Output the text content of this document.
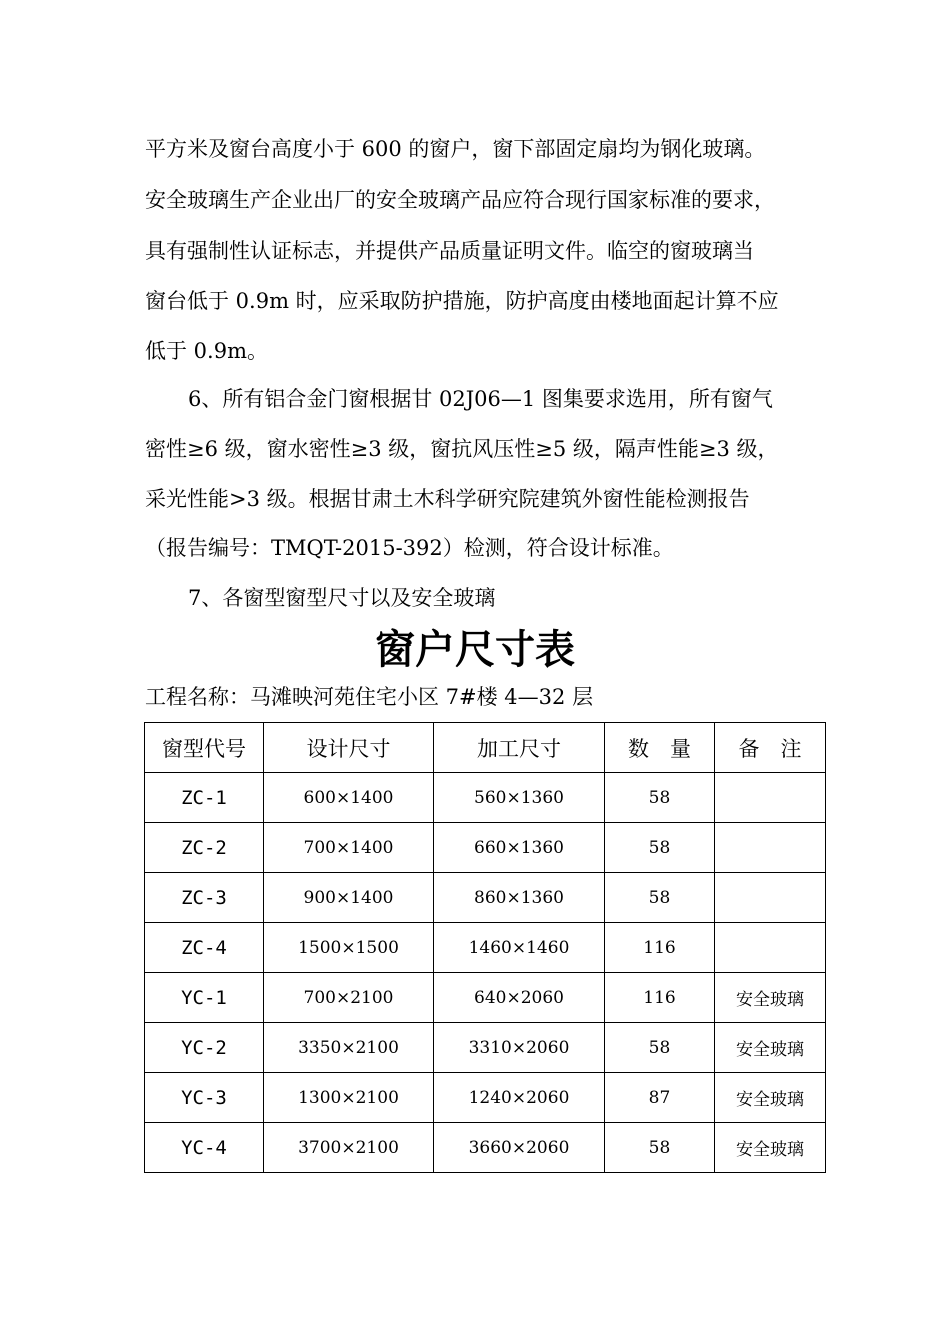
平方米及窗台高度小于 600 的窗户，窗下部固定扇均为钢化玻璃。
安全玻璃生产企业出厂的安全玻璃产品应符合现行国家标准的要求，
具有强制性认证标志，并提供产品质量证明文件。临空的窗玻璃当
窗台低于 0.9m 时，应采取防护措施，防护高度由楼地面起计算不应
低于 0.9m。
6、所有铝合金门窗根据甘 02J06—1 图集要求选用，所有窗气
密性≥6 级，窗水密性≥3 级，窗抗风压性≥5 级，隔声性能≥3 级，
采光性能>3 级。根据甘肃土木科学研究院建筑外窗性能检测报告
（报告编号：TMQT-2015-392）检测，符合设计标准。
7、各窗型窗型尺寸以及安全玻璃
窗户尺寸表
工程名称：马滩映河苑住宅小区 7#楼 4—32 层
窗型代号	设计尺寸	加工尺寸	数　量	备　注
ZC-1	600×1400	560×1360	58	
ZC-2	700×1400	660×1360	58	
ZC-3	900×1400	860×1360	58	
ZC-4	1500×1500	1460×1460	116	
YC-1	700×2100	640×2060	116	安全玻璃
YC-2	3350×2100	3310×2060	58	安全玻璃
YC-3	1300×2100	1240×2060	87	安全玻璃
YC-4	3700×2100	3660×2060	58	安全玻璃
